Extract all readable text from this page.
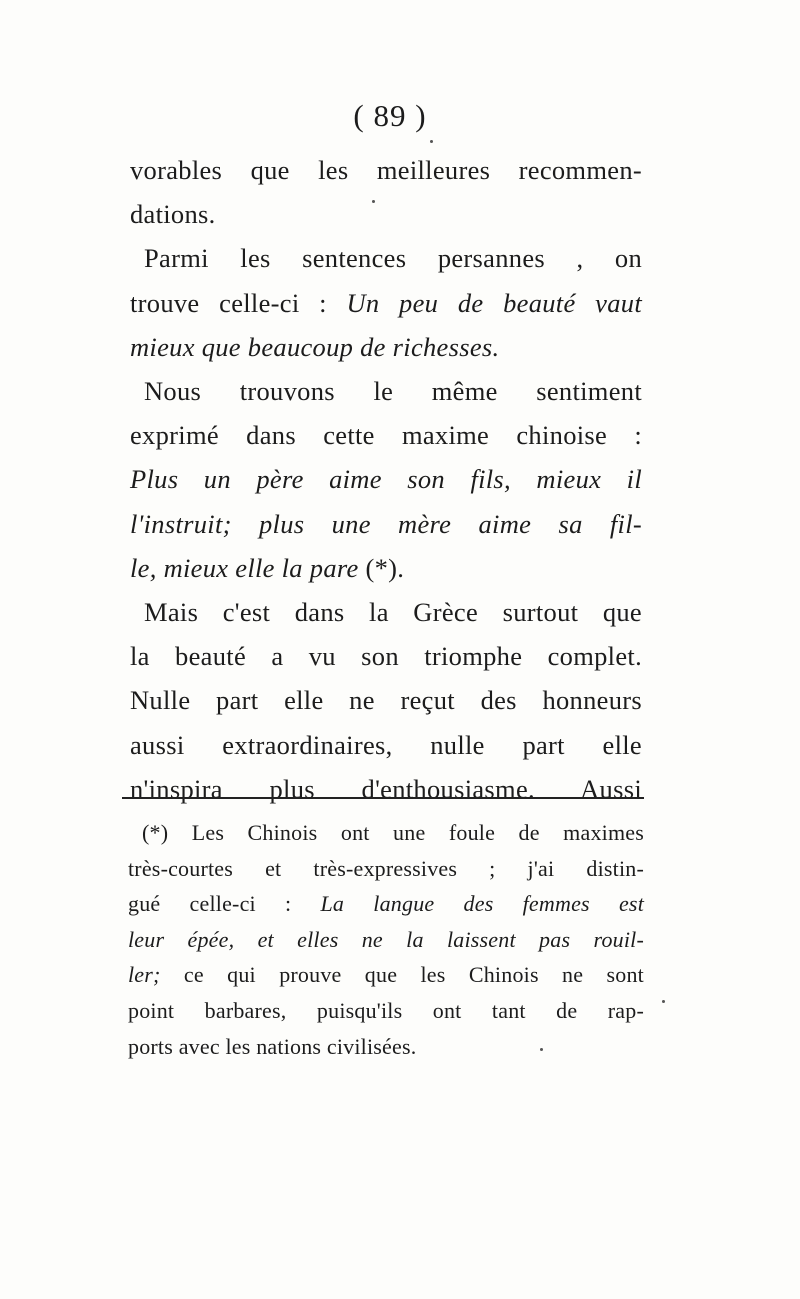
( 89 )
vorables que les meilleures recommen-
dations.
Parmi les sentences persannes , on
trouve celle-ci : Un peu de beauté vaut
mieux que beaucoup de richesses.
Nous trouvons le même sentiment
exprimé dans cette maxime chinoise :
Plus un père aime son fils, mieux il
l'instruit; plus une mère aime sa fil-
le, mieux elle la pare (*).
Mais c'est dans la Grèce surtout que
la beauté a vu son triomphe complet.
Nulle part elle ne reçut des honneurs
aussi extraordinaires, nulle part elle
n'inspira plus d'enthousiasme. Aussi
(*) Les Chinois ont une foule de maximes
très-courtes et très-expressives ; j'ai distin-
gué celle-ci : La langue des femmes est
leur épée, et elles ne la laissent pas rouil-
ler; ce qui prouve que les Chinois ne sont
point barbares, puisqu'ils ont tant de rap-
ports avec les nations civilisées.
